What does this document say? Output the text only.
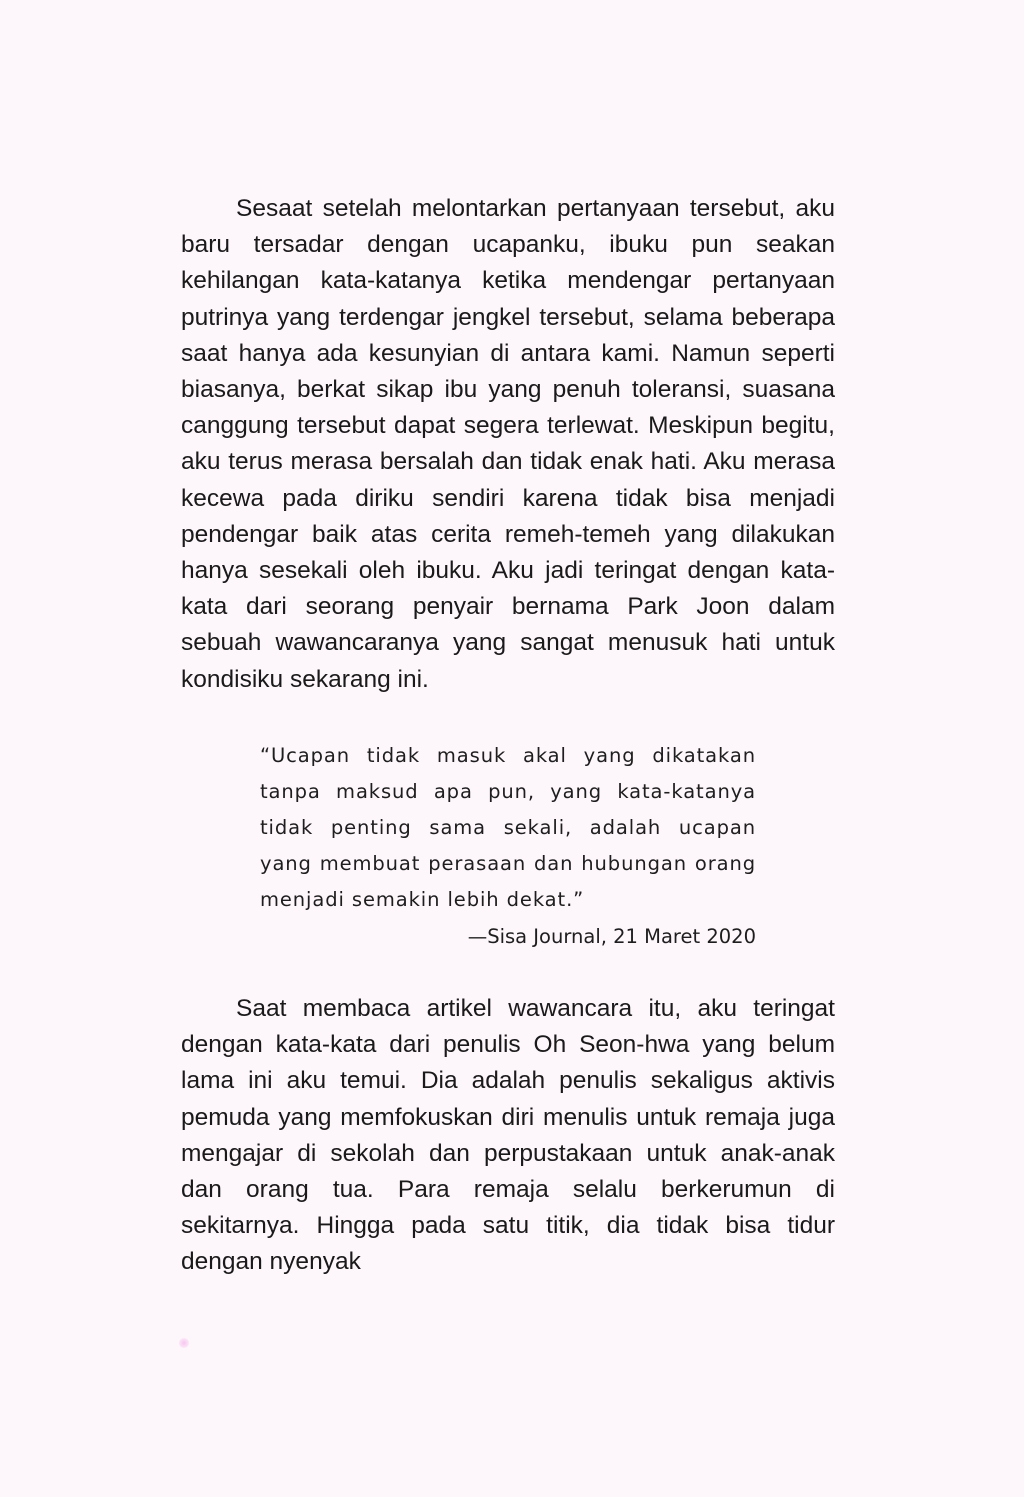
Sesaat setelah melontarkan pertanyaan tersebut, aku baru tersadar dengan ucapanku, ibuku pun seakan kehilangan kata-katanya ketika mendengar pertanyaan putrinya yang terdengar jengkel tersebut, selama beberapa saat hanya ada kesunyian di antara kami. Namun seperti biasanya, berkat sikap ibu yang penuh toleransi, suasana canggung tersebut dapat segera terlewat. Meskipun begitu, aku terus merasa bersalah dan tidak enak hati. Aku merasa kecewa pada diriku sendiri karena tidak bisa menjadi pendengar baik atas cerita remeh-temeh yang dilakukan hanya sesekali oleh ibuku. Aku jadi teringat dengan kata-kata dari seorang penyair bernama Park Joon dalam sebuah wawancaranya yang sangat menusuk hati untuk kondisiku sekarang ini.

“Ucapan tidak masuk akal yang dikatakan tanpa maksud apa pun, yang kata-katanya tidak penting sama sekali, adalah ucapan yang membuat perasaan dan hubungan orang menjadi semakin lebih dekat.”

—Sisa Journal, 21 Maret 2020

Saat membaca artikel wawancara itu, aku teringat dengan kata-kata dari penulis Oh Seon-hwa yang belum lama ini aku temui. Dia adalah penulis sekaligus aktivis pemuda yang memfokuskan diri menulis untuk remaja juga mengajar di sekolah dan perpustakaan untuk anak-anak dan orang tua. Para remaja selalu berkerumun di sekitarnya. Hingga pada satu titik, dia tidak bisa tidur dengan nyenyak
